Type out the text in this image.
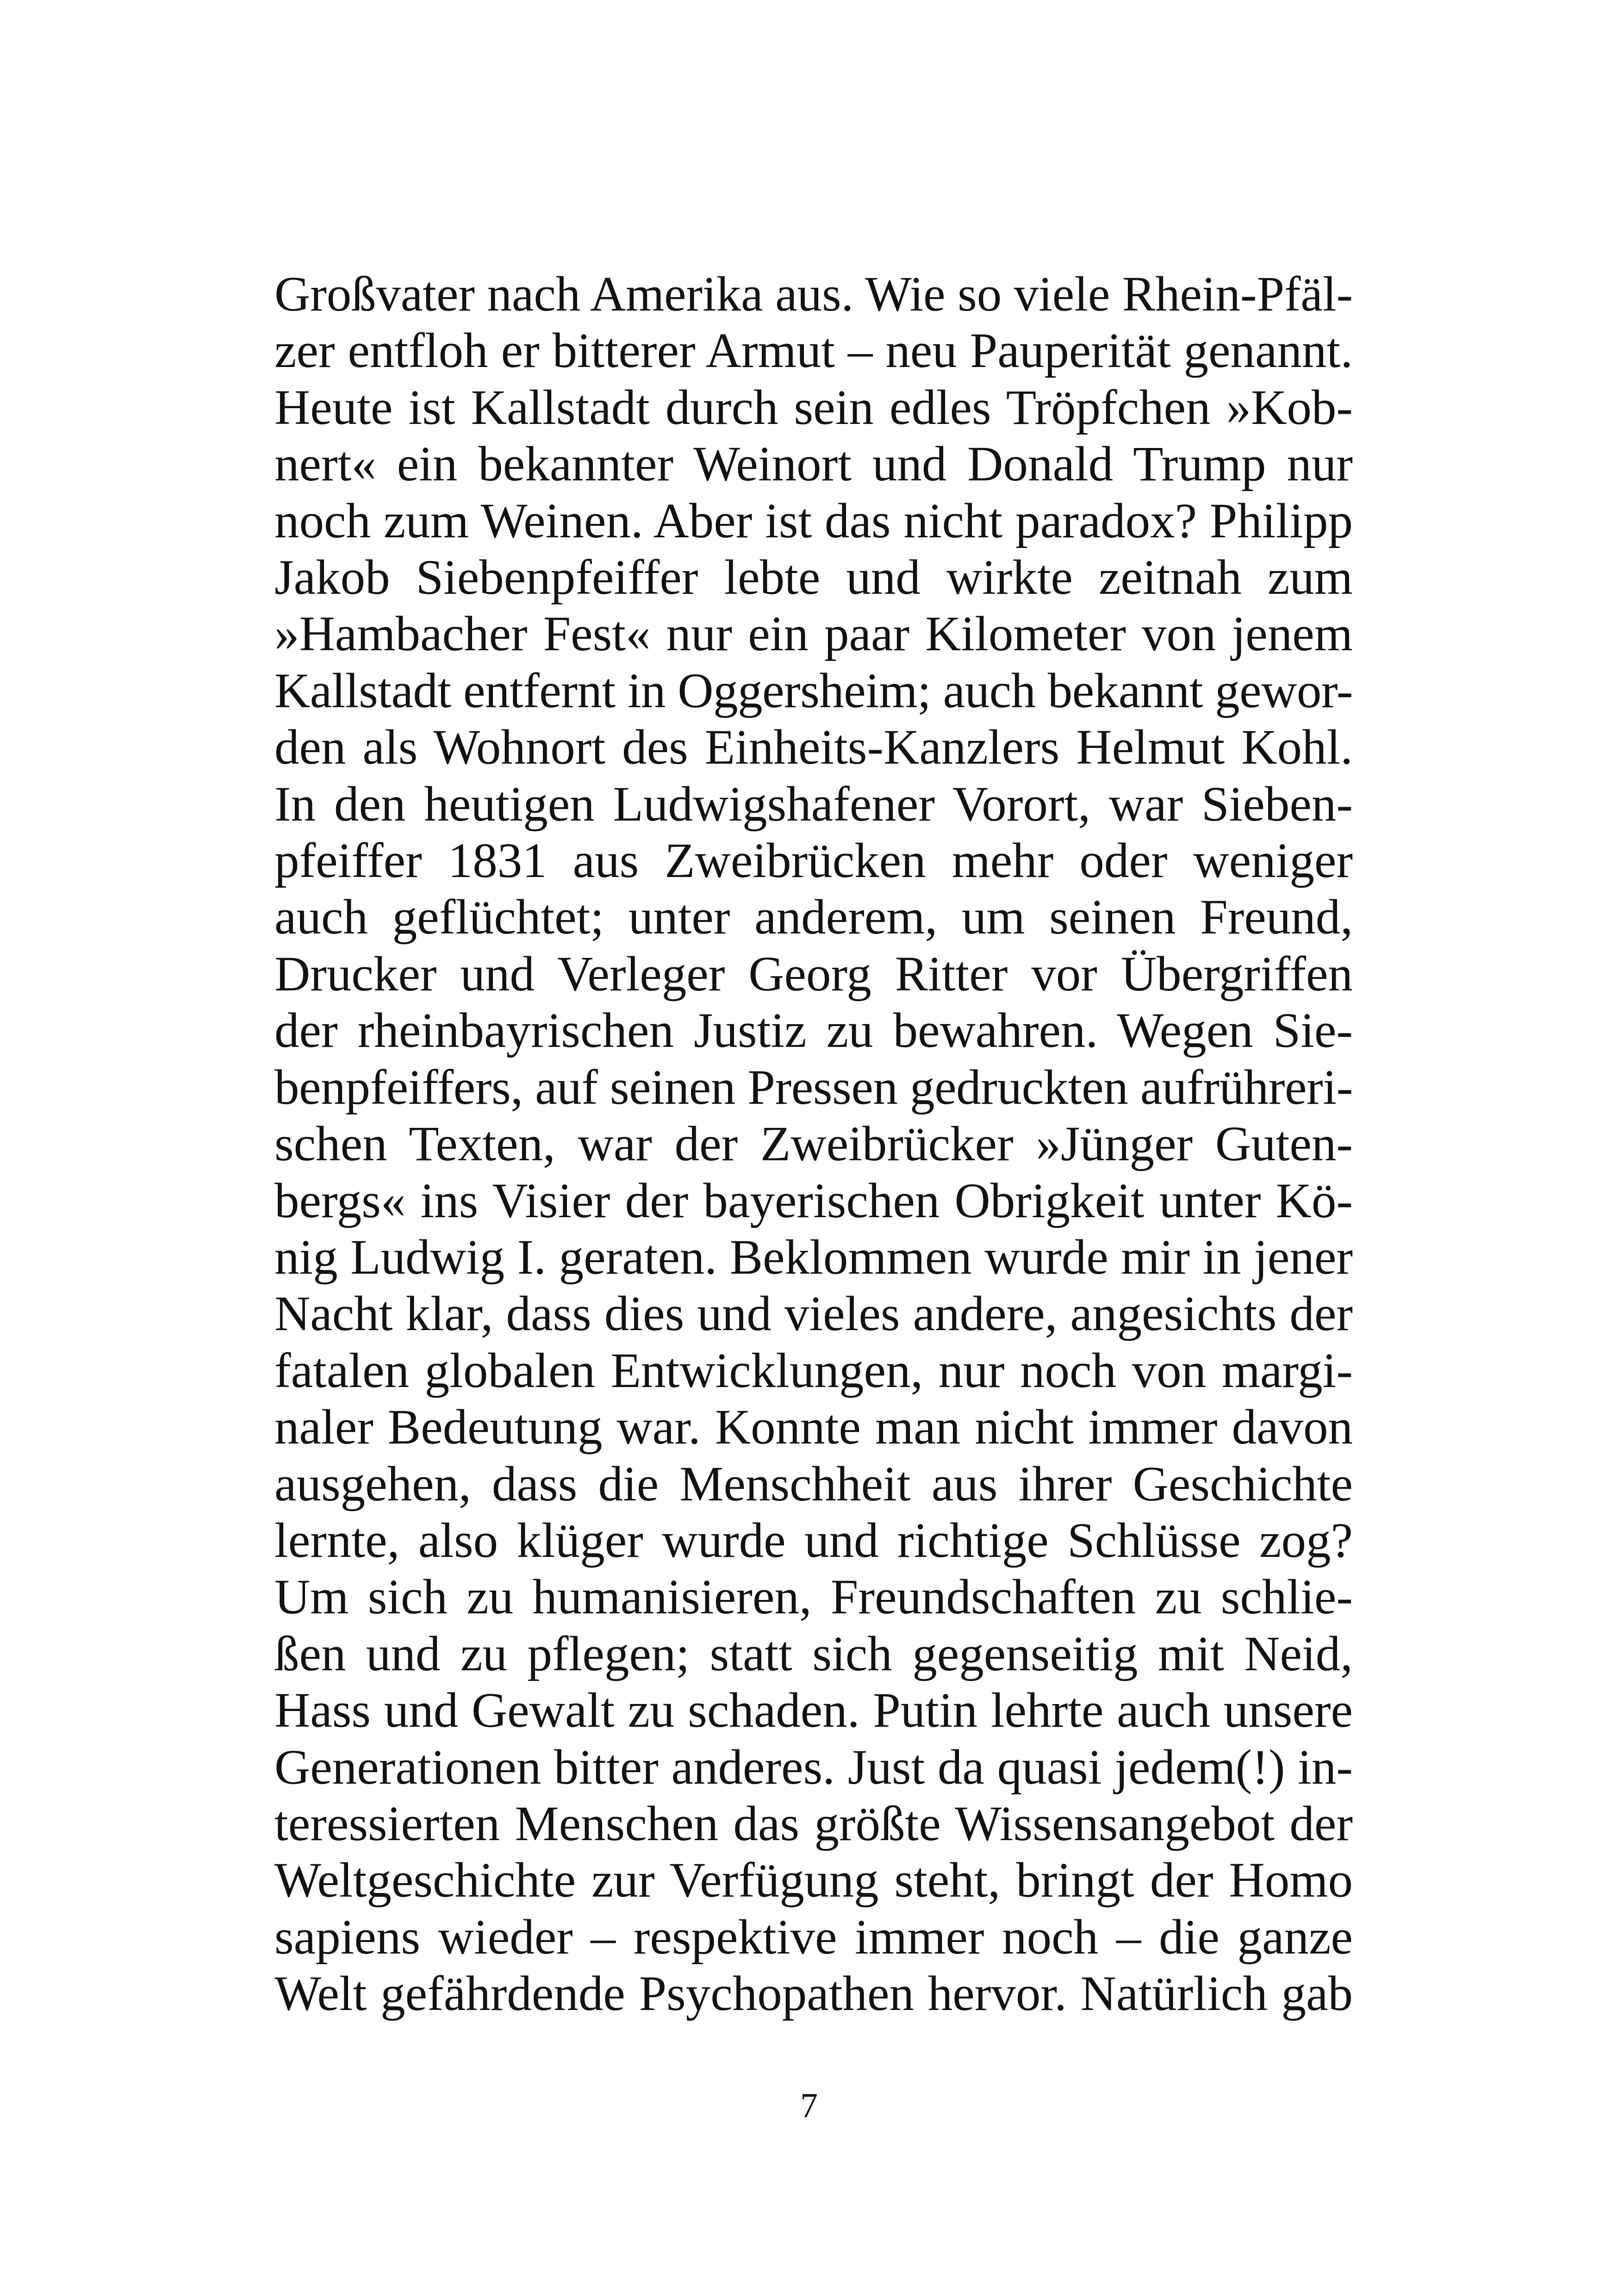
Großvater nach Amerika aus. Wie so viele Rhein-Pfäl-
zer entfloh er bitterer Armut – neu Pauperität genannt.
Heute ist Kallstadt durch sein edles Tröpfchen »Kob-
nert« ein bekannter Weinort und Donald Trump nur
noch zum Weinen. Aber ist das nicht paradox? Philipp
Jakob Siebenpfeiffer lebte und wirkte zeitnah zum
»Hambacher Fest« nur ein paar Kilometer von jenem
Kallstadt entfernt in Oggersheim; auch bekannt gewor-
den als Wohnort des Einheits-Kanzlers Helmut Kohl.
In den heutigen Ludwigshafener Vorort, war Sieben-
pfeiffer 1831 aus Zweibrücken mehr oder weniger
auch geflüchtet; unter anderem, um seinen Freund,
Drucker und Verleger Georg Ritter vor Übergriffen
der rheinbayrischen Justiz zu bewahren. Wegen Sie-
benpfeiffers, auf seinen Pressen gedruckten aufrühreri-
schen Texten, war der Zweibrücker »Jünger Guten-
bergs« ins Visier der bayerischen Obrigkeit unter Kö-
nig Ludwig I. geraten. Beklommen wurde mir in jener
Nacht klar, dass dies und vieles andere, angesichts der
fatalen globalen Entwicklungen, nur noch von margi-
naler Bedeutung war. Konnte man nicht immer davon
ausgehen, dass die Menschheit aus ihrer Geschichte
lernte, also klüger wurde und richtige Schlüsse zog?
Um sich zu humanisieren, Freundschaften zu schlie-
ßen und zu pflegen; statt sich gegenseitig mit Neid,
Hass und Gewalt zu schaden. Putin lehrte auch unsere
Generationen bitter anderes. Just da quasi jedem(!) in-
teressierten Menschen das größte Wissensangebot der
Weltgeschichte zur Verfügung steht, bringt der Homo
sapiens wieder – respektive immer noch – die ganze
Welt gefährdende Psychopathen hervor. Natürlich gab
7
